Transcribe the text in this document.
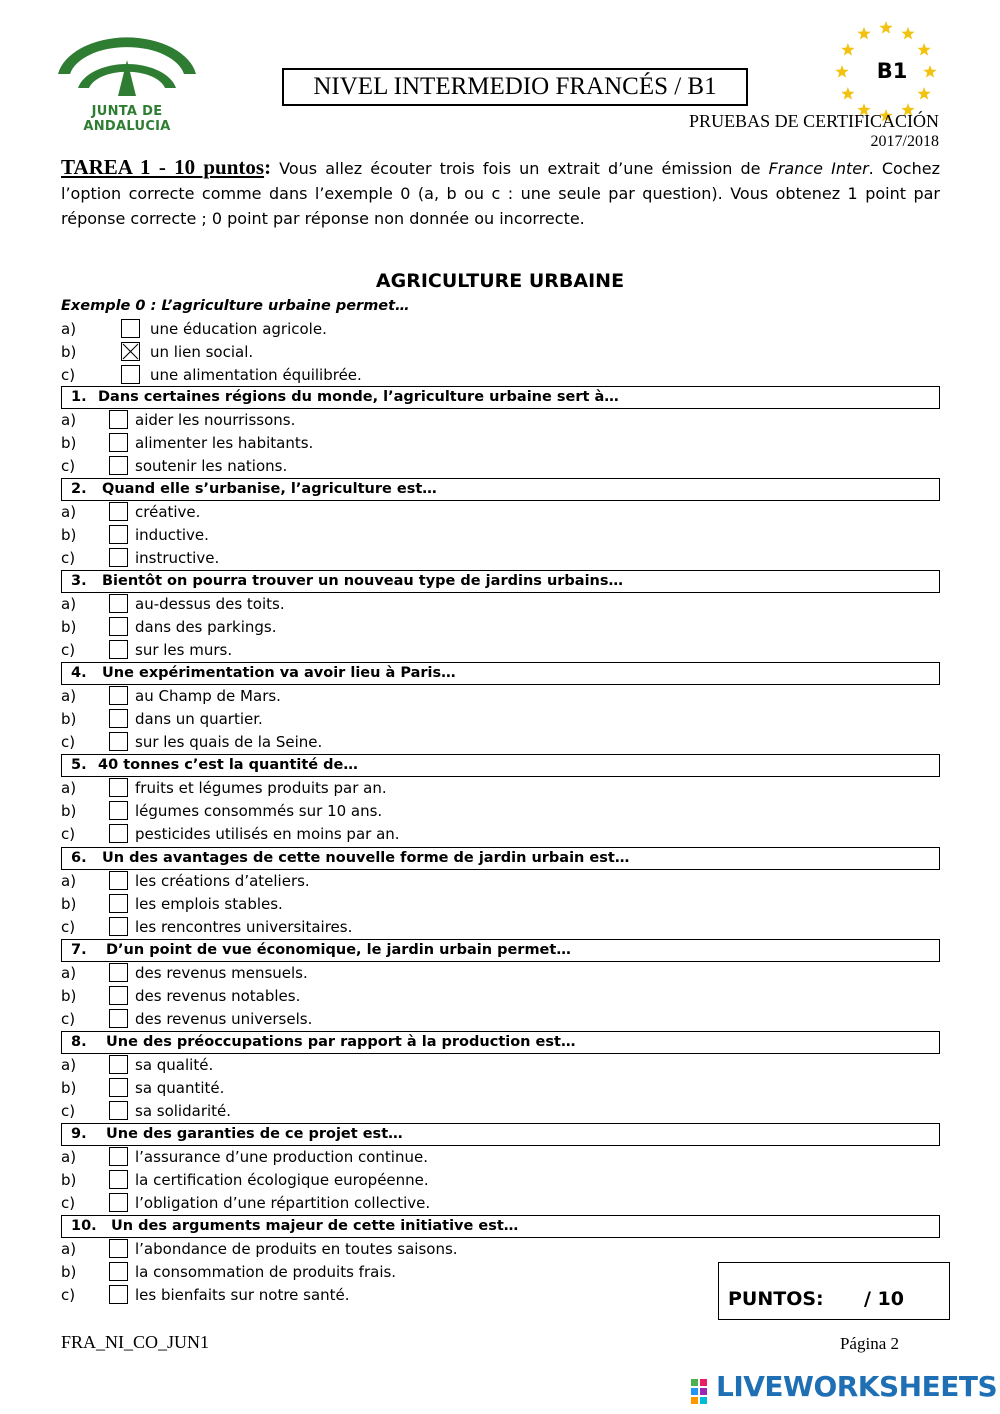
JUNTA DE ANDALUCIA
NIVEL INTERMEDIO FRANCÉS / B1
B1
PRUEBAS DE CERTIFICACIÓN
2017/2018
TAREA 1 - 10 puntos: Vous allez écouter trois fois un extrait d’une émission de France Inter. Cochez l’option correcte comme dans l’exemple 0 (a, b ou c : une seule par question). Vous obtenez 1 point par réponse correcte ; 0 point par réponse non donnée ou incorrecte.
AGRICULTURE URBAINE
Exemple 0 : L’agriculture urbaine permet…
a)	une éducation agricole.
b)	un lien social.
c)	une alimentation équilibrée.
1. Dans certaines régions du monde, l’agriculture urbaine sert à…
a)	aider les nourrissons.
b)	alimenter les habitants.
c)	soutenir les nations.
2. Quand elle s’urbanise, l’agriculture est…
a)	créative.
b)	inductive.
c)	instructive.
3. Bientôt on pourra trouver un nouveau type de jardins urbains…
a)	au-dessus des toits.
b)	dans des parkings.
c)	sur les murs.
4. Une expérimentation va avoir lieu à Paris…
a)	au Champ de Mars.
b)	dans un quartier.
c)	sur les quais de la Seine.
5. 40 tonnes c’est la quantité de…
a)	fruits et légumes produits par an.
b)	légumes consommés sur 10 ans.
c)	pesticides utilisés en moins par an.
6. Un des avantages de cette nouvelle forme de jardin urbain est…
a)	les créations d’ateliers.
b)	les emplois stables.
c)	les rencontres universitaires.
7. D’un point de vue économique, le jardin urbain permet…
a)	des revenus mensuels.
b)	des revenus notables.
c)	des revenus universels.
8. Une des préoccupations par rapport à la production est…
a)	sa qualité.
b)	sa quantité.
c)	sa solidarité.
9. Une des garanties de ce projet est…
a)	l’assurance d’une production continue.
b)	la certification écologique européenne.
c)	l’obligation d’une répartition collective.
10. Un des arguments majeur de cette initiative est…
a)	l’abondance de produits en toutes saisons.
b)	la consommation de produits frais.
c)	les bienfaits sur notre santé.	PUNTOS: / 10
FRA_NI_CO_JUN1	Página 2
LIVEWORKSHEETS
